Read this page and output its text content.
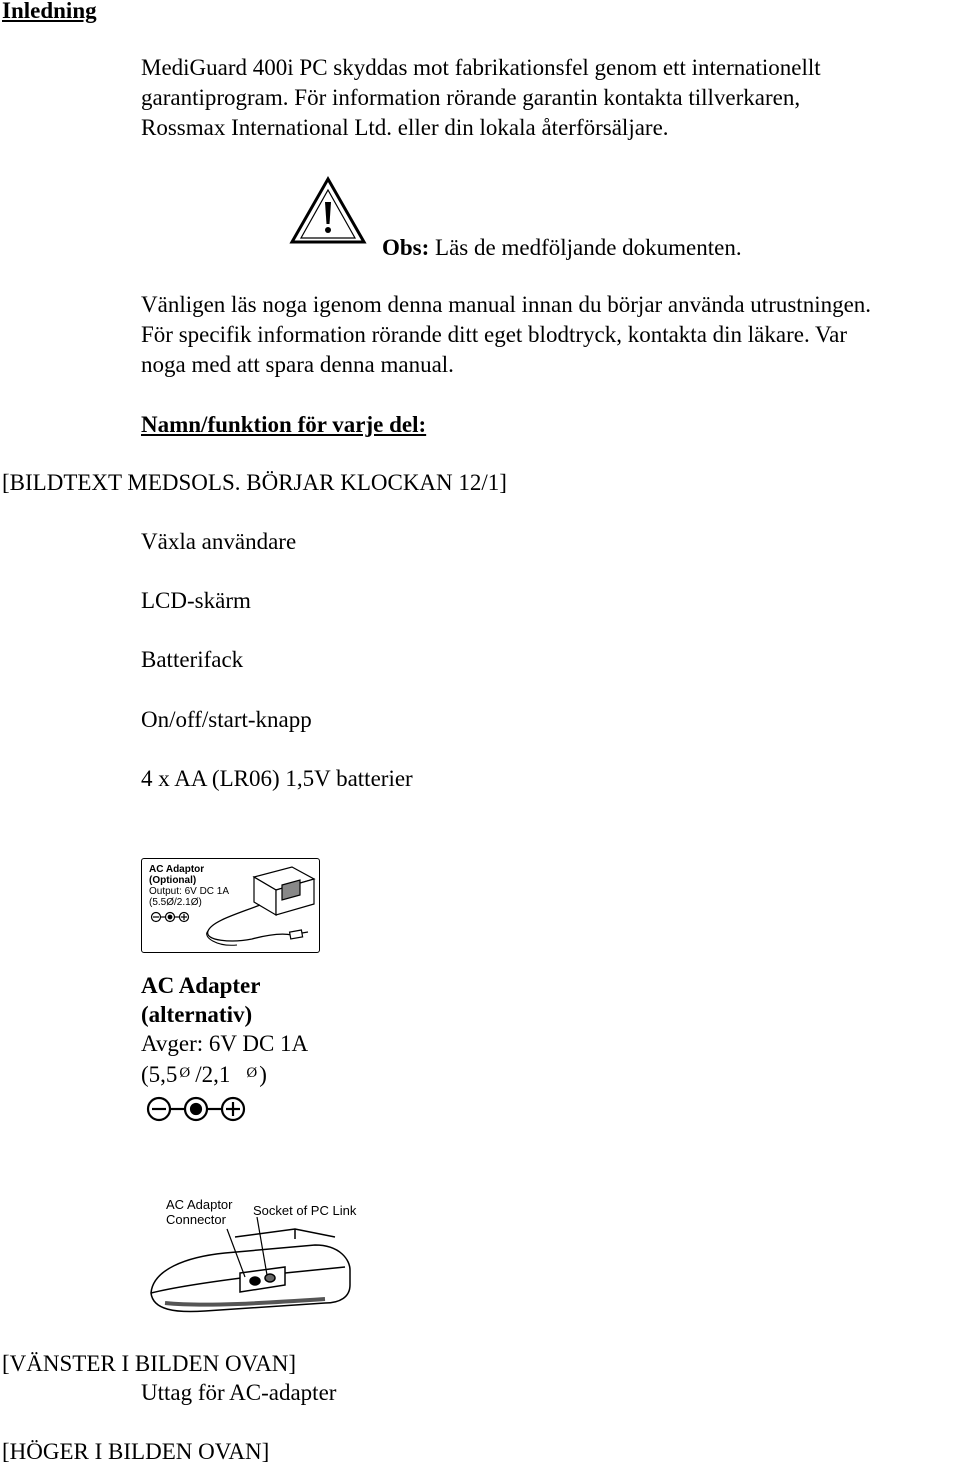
Inledning
MediGuard 400i PC skyddas mot fabrikationsfel genom ett internationellt
garantiprogram. För information rörande garantin kontakta tillverkaren,
Rossmax International Ltd. eller din lokala återförsäljare.
Obs: Läs de medföljande dokumenten.
Vänligen läs noga igenom denna manual innan du börjar använda utrustningen.
För specifik information rörande ditt eget blodtryck, kontakta din läkare. Var
noga med att spara denna manual.
Namn/funktion för varje del:
[BILDTEXT MEDSOLS. BÖRJAR KLOCKAN 12/1]
Växla användare
LCD-skärm
Batterifack
On/off/start-knapp
4 x AA (LR06) 1,5V batterier
AC Adaptor
(Optional)
Output: 6V DC 1A
(5.5Ø/2.1Ø)
AC Adapter
(alternativ)
Avger: 6V DC 1A
(5,5 $^Ø$ /2,1 $^Ø$)
AC Adaptor
Connector
Socket of PC Link
[VÄNSTER I BILDEN OVAN]
Uttag för AC-adapter
[HÖGER I BILDEN OVAN]
